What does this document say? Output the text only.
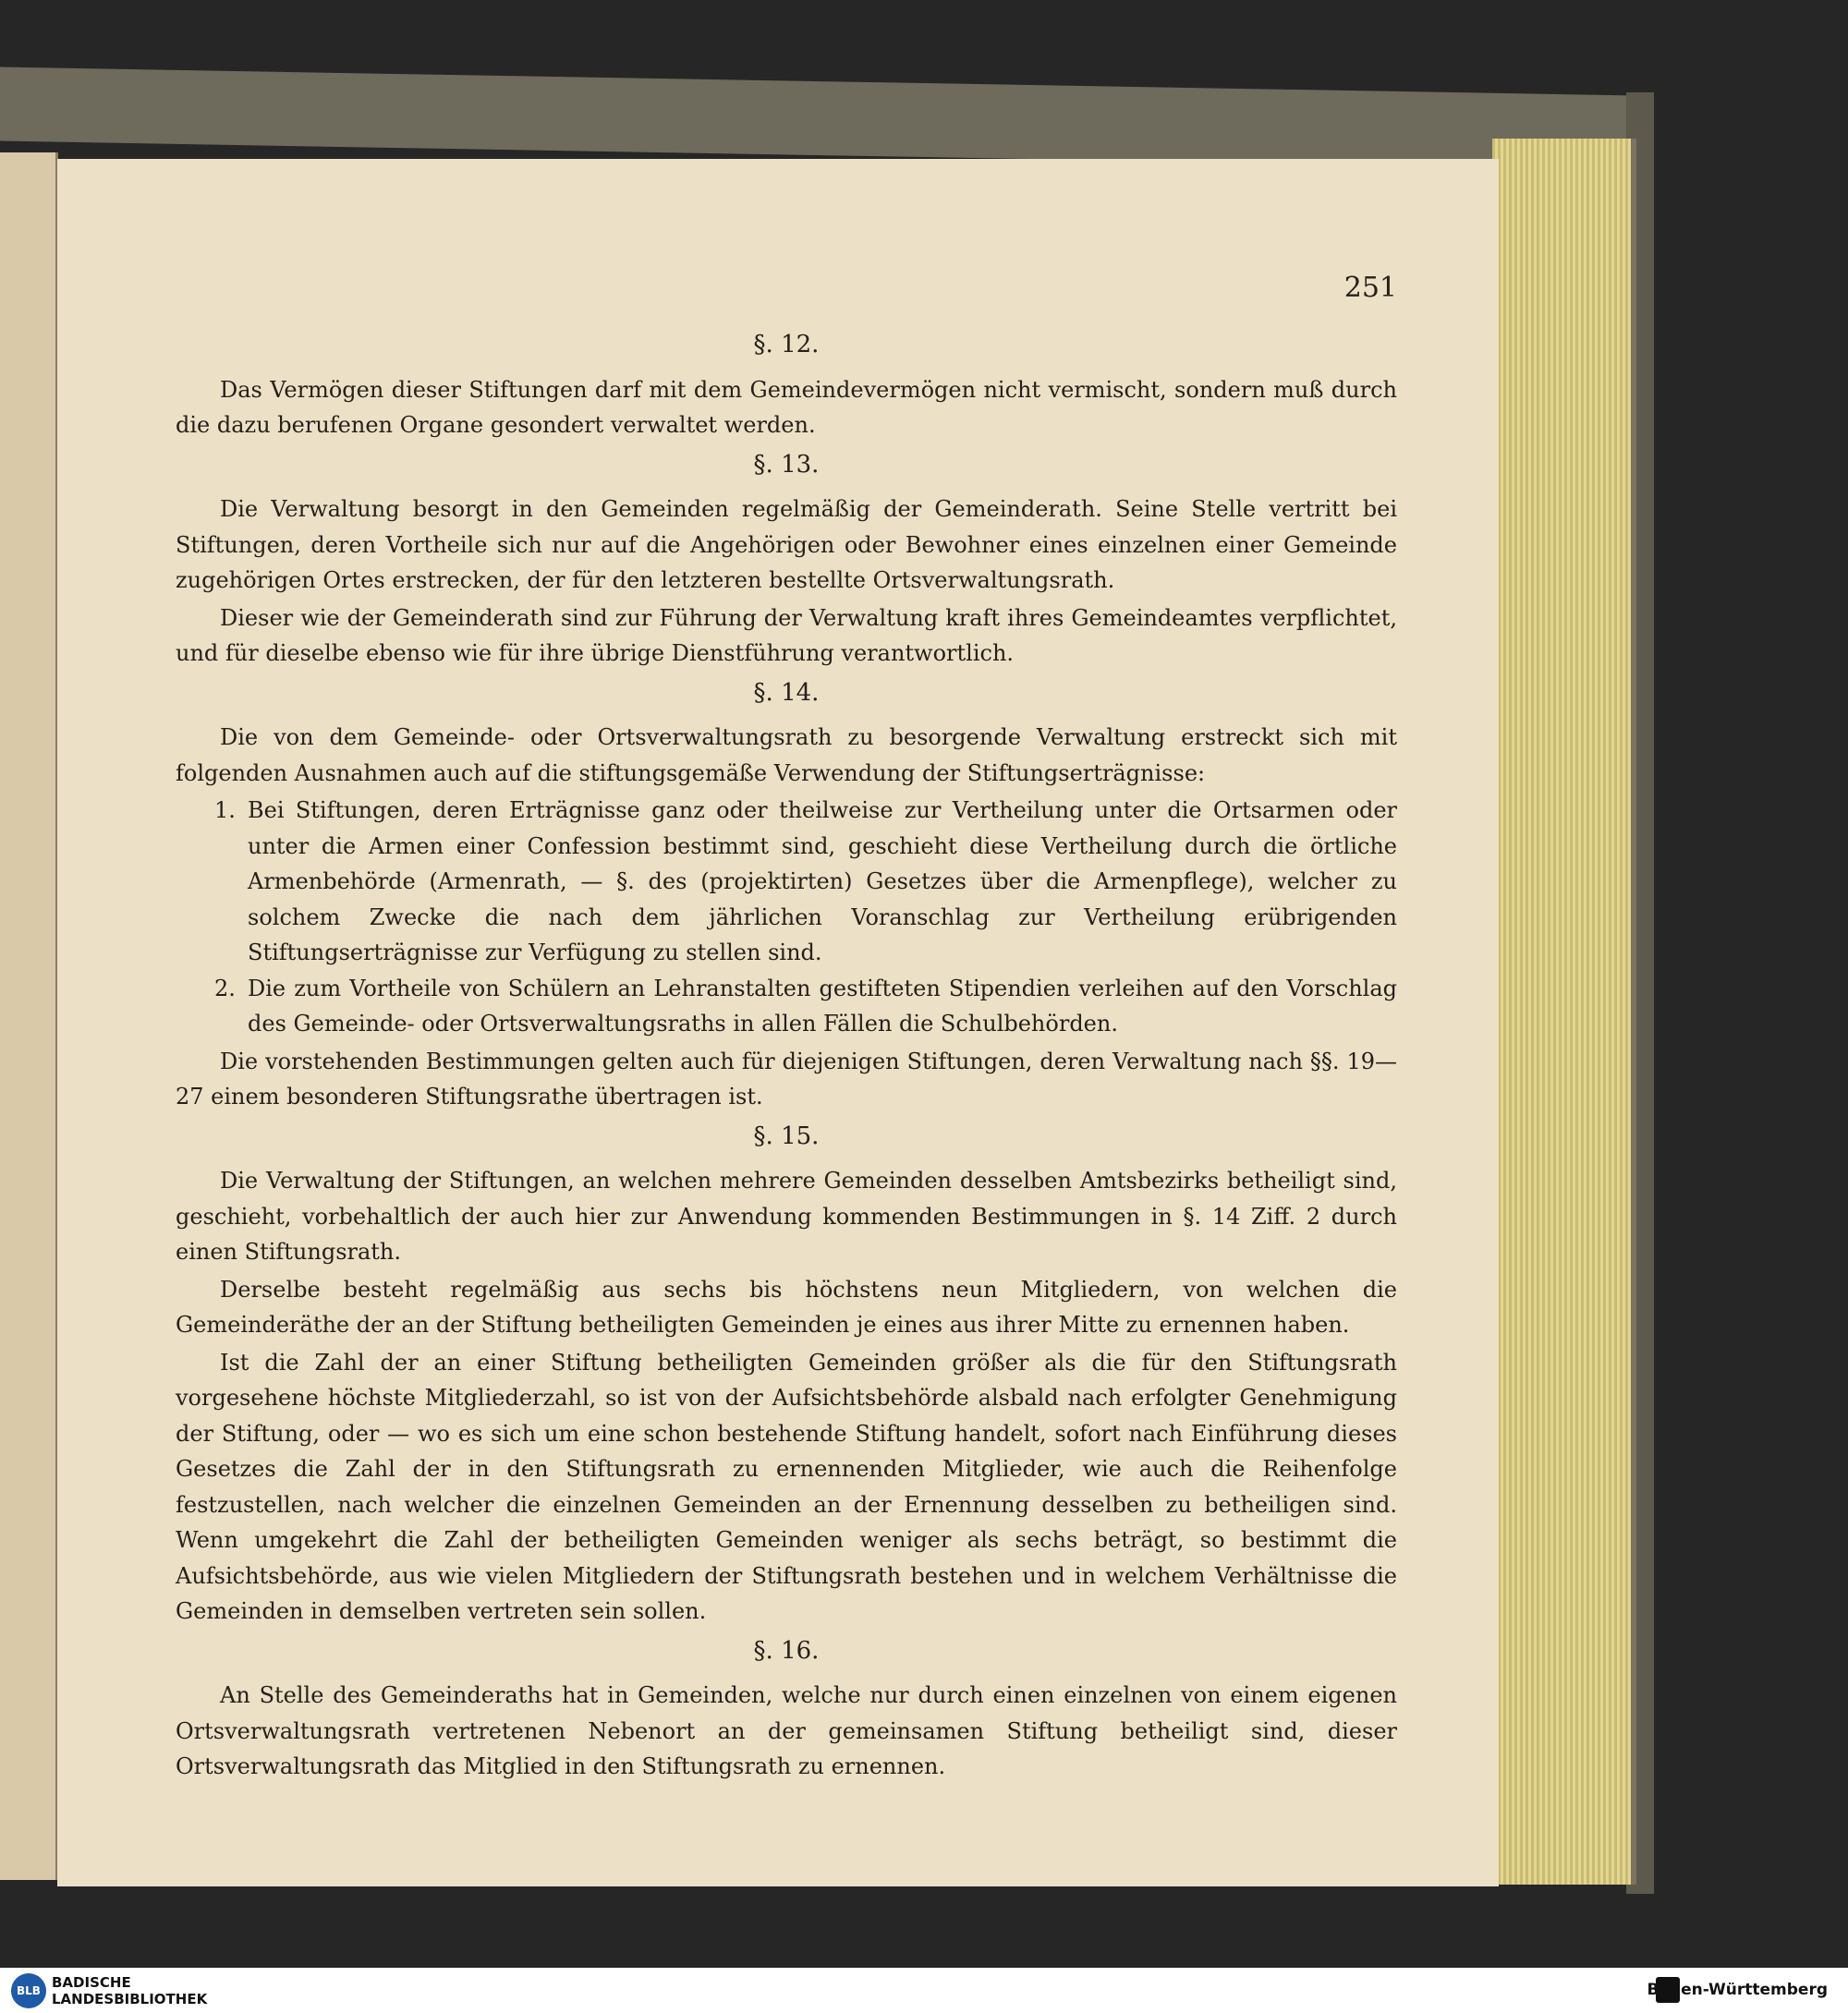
251
§. 12.

Das Vermögen dieser Stiftungen darf mit dem Gemeindevermögen nicht vermischt, sondern muß durch die dazu berufenen Organe gesondert verwaltet werden.

§. 13.

Die Verwaltung besorgt in den Gemeinden regelmäßig der Gemeinderath. Seine Stelle vertritt bei Stiftungen, deren Vortheile sich nur auf die Angehörigen oder Bewohner eines einzelnen einer Gemeinde zugehörigen Ortes erstrecken, der für den letzteren bestellte Ortsverwaltungsrath.

Dieser wie der Gemeinderath sind zur Führung der Verwaltung kraft ihres Gemeindeamtes verpflichtet, und für dieselbe ebenso wie für ihre übrige Dienstführung verantwortlich.

§. 14.

Die von dem Gemeinde- oder Ortsverwaltungsrath zu besorgende Verwaltung erstreckt sich mit folgenden Ausnahmen auch auf die stiftungsgemäße Verwendung der Stiftungserträgnisse:

1. Bei Stiftungen, deren Erträgnisse ganz oder theilweise zur Vertheilung unter die Ortsarmen oder unter die Armen einer Confession bestimmt sind, geschieht diese Vertheilung durch die örtliche Armenbehörde (Armenrath, — §. des (projektirten) Gesetzes über die Armenpflege), welcher zu solchem Zwecke die nach dem jährlichen Voranschlag zur Vertheilung erübrigenden Stiftungserträgnisse zur Verfügung zu stellen sind.
2. Die zum Vortheile von Schülern an Lehranstalten gestifteten Stipendien verleihen auf den Vorschlag des Gemeinde- oder Ortsverwaltungsraths in allen Fällen die Schulbehörden.

Die vorstehenden Bestimmungen gelten auch für diejenigen Stiftungen, deren Verwaltung nach §§. 19—27 einem besonderen Stiftungsrathe übertragen ist.

§. 15.

Die Verwaltung der Stiftungen, an welchen mehrere Gemeinden desselben Amtsbezirks betheiligt sind, geschieht, vorbehaltlich der auch hier zur Anwendung kommenden Bestimmungen in §. 14 Ziff. 2 durch einen Stiftungsrath.

Derselbe besteht regelmäßig aus sechs bis höchstens neun Mitgliedern, von welchen die Gemeinderäthe der an der Stiftung betheiligten Gemeinden je eines aus ihrer Mitte zu ernennen haben.

Ist die Zahl der an einer Stiftung betheiligten Gemeinden größer als die für den Stiftungsrath vorgesehene höchste Mitgliederzahl, so ist von der Aufsichtsbehörde alsbald nach erfolgter Genehmigung der Stiftung, oder — wo es sich um eine schon bestehende Stiftung handelt, sofort nach Einführung dieses Gesetzes die Zahl der in den Stiftungsrath zu ernennenden Mitglieder, wie auch die Reihenfolge festzustellen, nach welcher die einzelnen Gemeinden an der Ernennung desselben zu betheiligen sind. Wenn umgekehrt die Zahl der betheiligten Gemeinden weniger als sechs beträgt, so bestimmt die Aufsichtsbehörde, aus wie vielen Mitgliedern der Stiftungsrath bestehen und in welchem Verhältnisse die Gemeinden in demselben vertreten sein sollen.

§. 16.

An Stelle des Gemeinderaths hat in Gemeinden, welche nur durch einen einzelnen von einem eigenen Ortsverwaltungsrath vertretenen Nebenort an der gemeinsamen Stiftung betheiligt sind, dieser Ortsverwaltungsrath das Mitglied in den Stiftungsrath zu ernennen.

BLB BADISCHE
LANDESBIBLIOTHEK	Baden-Württemberg
